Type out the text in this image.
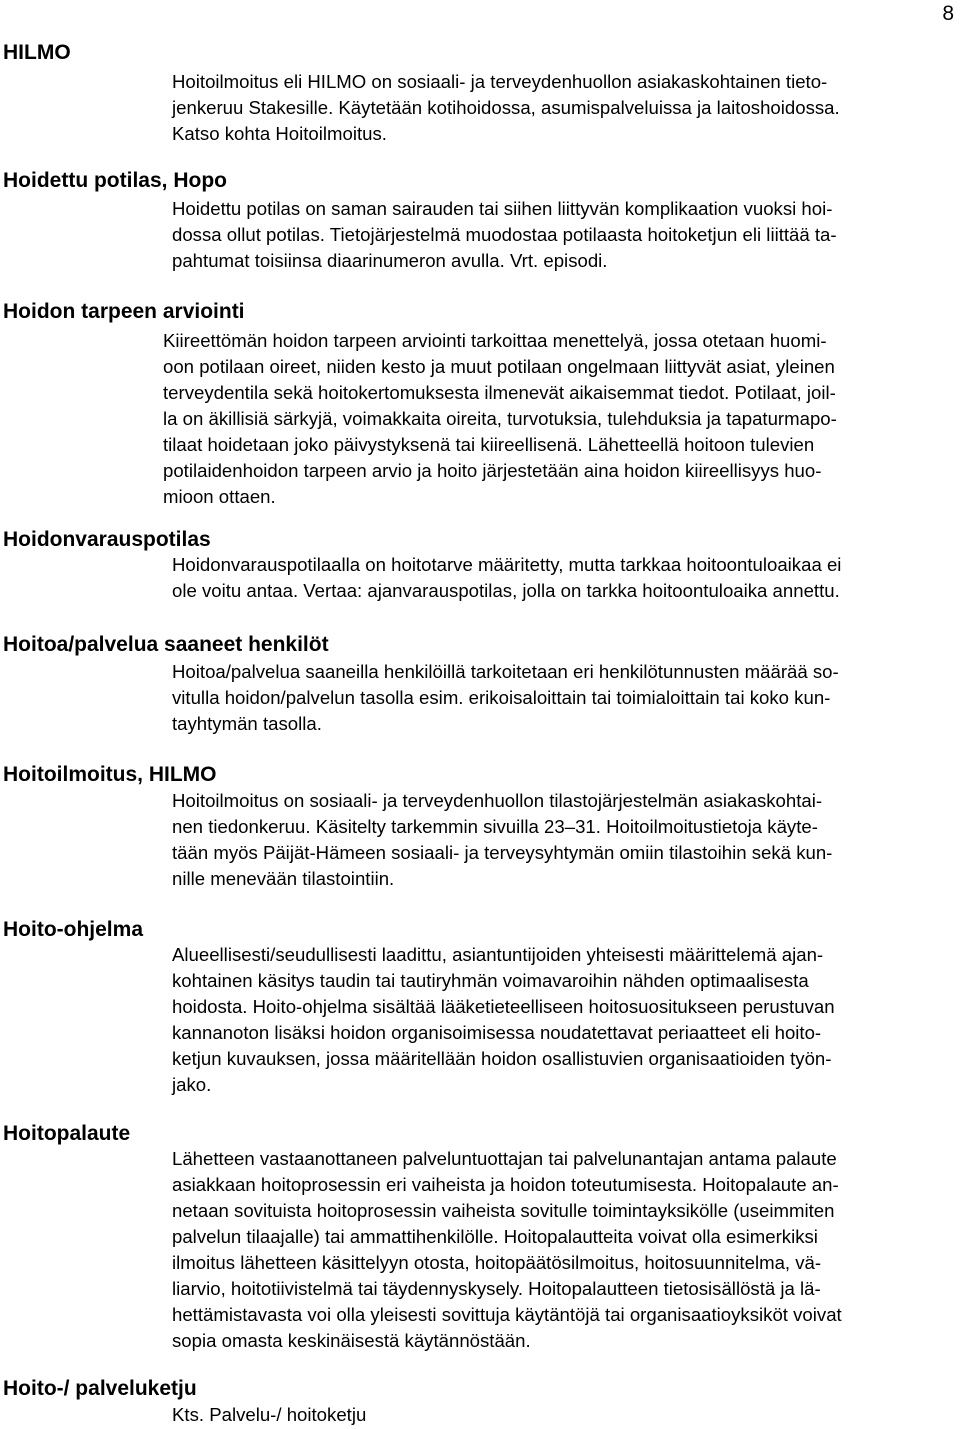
8
HILMO
Hoitoilmoitus eli HILMO on sosiaali- ja terveydenhuollon asiakaskohtainen tieto-
jenkeruu Stakesille. Käytetään kotihoidossa, asumispalveluissa ja laitoshoidossa.
Katso kohta Hoitoilmoitus.
Hoidettu potilas, Hopo
Hoidettu potilas on saman sairauden tai siihen liittyvän komplikaation vuoksi hoi-
dossa ollut potilas. Tietojärjestelmä muodostaa potilaasta hoitoketjun eli liittää ta-
pahtumat toisiinsa diaarinumeron avulla. Vrt. episodi.
Hoidon tarpeen arviointi
Kiireettömän hoidon tarpeen arviointi tarkoittaa menettelyä, jossa otetaan huomi-
oon potilaan oireet, niiden kesto ja muut potilaan ongelmaan liittyvät asiat, yleinen
terveydentila sekä hoitokertomuksesta ilmenevät aikaisemmat tiedot. Potilaat, joil-
la on äkillisiä särkyjä, voimakkaita oireita, turvotuksia, tulehduksia ja tapaturmapo-
tilaat hoidetaan joko päivystyksenä tai kiireellisenä. Lähetteellä hoitoon tulevien
potilaidenhoidon tarpeen arvio ja hoito järjestetään aina hoidon kiireellisyys huo-
mioon ottaen.
Hoidonvarauspotilas
Hoidonvarauspotilaalla on hoitotarve määritetty, mutta tarkkaa hoitoontuloaikaa ei
ole voitu antaa. Vertaa: ajanvarauspotilas, jolla on tarkka hoitoontuloaika annettu.
Hoitoa/palvelua saaneet henkilöt
Hoitoa/palvelua saaneilla henkilöillä tarkoitetaan eri henkilötunnusten määrää so-
vitulla hoidon/palvelun tasolla esim. erikoisaloittain tai toimialoittain tai koko kun-
tayhtymän tasolla.
Hoitoilmoitus, HILMO
Hoitoilmoitus on sosiaali- ja terveydenhuollon tilastojärjestelmän asiakaskohtai-
nen tiedonkeruu. Käsitelty tarkemmin sivuilla 23–31. Hoitoilmoitustietoja käyte-
tään myös Päijät-Hämeen sosiaali- ja terveysyhtymän omiin tilastoihin sekä kun-
nille menevään tilastointiin.
Hoito-ohjelma
Alueellisesti/seudullisesti laadittu, asiantuntijoiden yhteisesti määrittelemä ajan-
kohtainen käsitys taudin tai tautiryhmän voimavaroihin nähden optimaalisesta
hoidosta. Hoito-ohjelma sisältää lääketieteelliseen hoitosuositukseen perustuvan
kannanoton lisäksi hoidon organisoimisessa noudatettavat periaatteet eli hoito-
ketjun kuvauksen, jossa määritellään hoidon osallistuvien organisaatioiden työn-
jako.
Hoitopalaute
Lähetteen vastaanottaneen palveluntuottajan tai palvelunantajan antama palaute
asiakkaan hoitoprosessin eri vaiheista ja hoidon toteutumisesta. Hoitopalaute an-
netaan sovituista hoitoprosessin vaiheista sovitulle toimintayksikölle (useimmiten
palvelun tilaajalle) tai ammattihenkilölle. Hoitopalautteita voivat olla esimerkiksi
ilmoitus lähetteen käsittelyyn otosta, hoitopäätösilmoitus, hoitosuunnitelma, vä-
liarvio, hoitotiivistelmä tai täydennyskysely. Hoitopalautteen tietosisällöstä ja lä-
hettämistavasta voi olla yleisesti sovittuja käytäntöjä tai organisaatioyksiköt voivat
sopia omasta keskinäisestä käytännöstään.
Hoito-/ palveluketju
Kts. Palvelu-/ hoitoketju
